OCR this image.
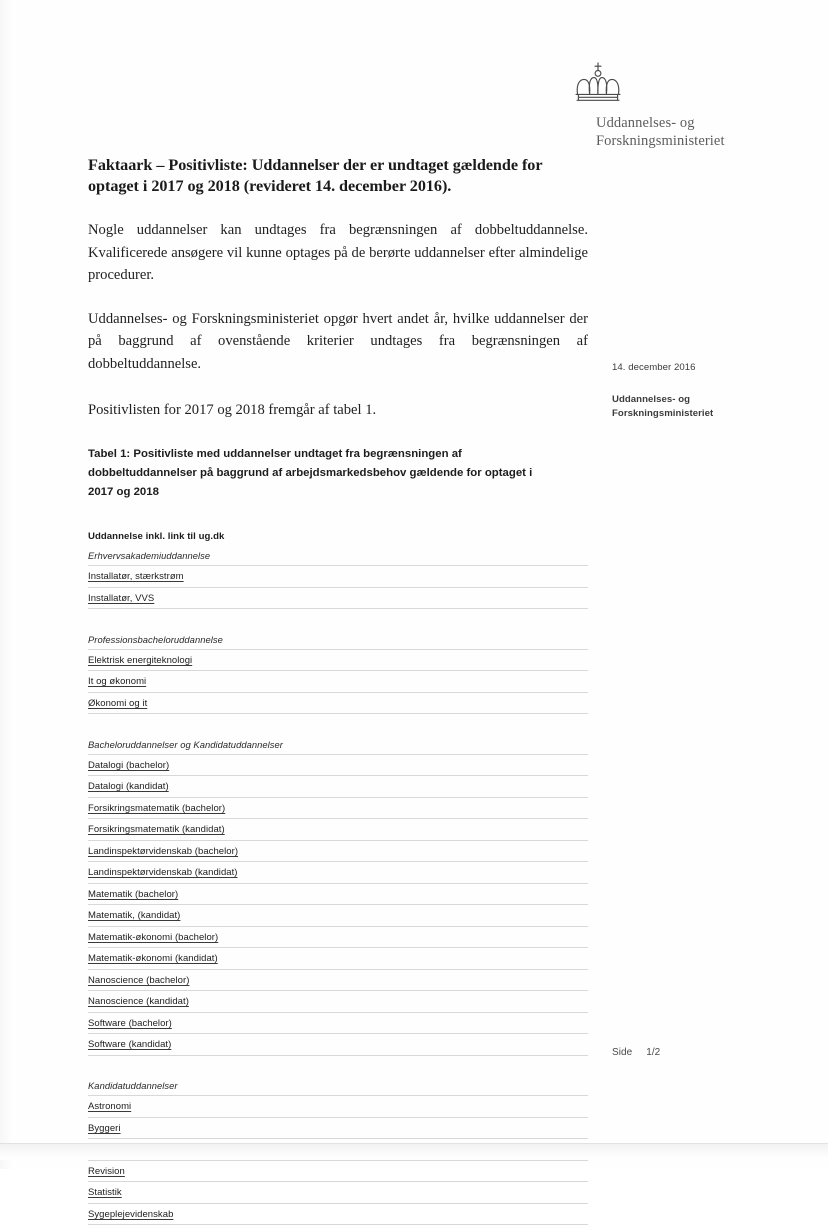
Uddannelses- og
Forskningsministeriet
Faktaark – Positivliste: Uddannelser der er undtaget gældende for optaget i 2017 og 2018 (revideret 14. december 2016).

Nogle uddannelser kan undtages fra begrænsningen af dobbeltuddannelse. Kvalificerede ansøgere vil kunne optages på de berørte uddannelser efter almindelige procedurer.

Uddannelses- og Forskningsministeriet opgør hvert andet år, hvilke uddannelser der på baggrund af ovenstående kriterier undtages fra begrænsningen af dobbeltuddannelse.

Positivlisten for 2017 og 2018 fremgår af tabel 1.

Tabel 1: Positivliste med uddannelser undtaget fra begrænsningen af dobbeltuddannelser på baggrund af arbejdsmarkedsbehov gældende for optaget i 2017 og 2018

Uddannelse inkl. link til ug.dk
Erhvervsakademiuddannelse
Installatør, stærkstrøm
Installatør, VVS

Professionsbacheloruddannelse
Elektrisk energiteknologi
It og økonomi
Økonomi og it

Bacheloruddannelser og Kandidatuddannelser
Datalogi (bachelor)
Datalogi (kandidat)
Forsikringsmatematik (bachelor)
Forsikringsmatematik (kandidat)
Landinspektørvidenskab (bachelor)
Landinspektørvidenskab (kandidat)
Matematik (bachelor)
Matematik, (kandidat)
Matematik-økonomi (bachelor)
Matematik-økonomi (kandidat)
Nanoscience (bachelor)
Nanoscience (kandidat)
Software (bachelor)
Software (kandidat)

Kandidatuddannelser
Astronomi
Byggeri

Revision
Statistik
Sygeplejevidenskab
14. december 2016
Uddannelses- og
Forskningsministeriet
Side 1/2
